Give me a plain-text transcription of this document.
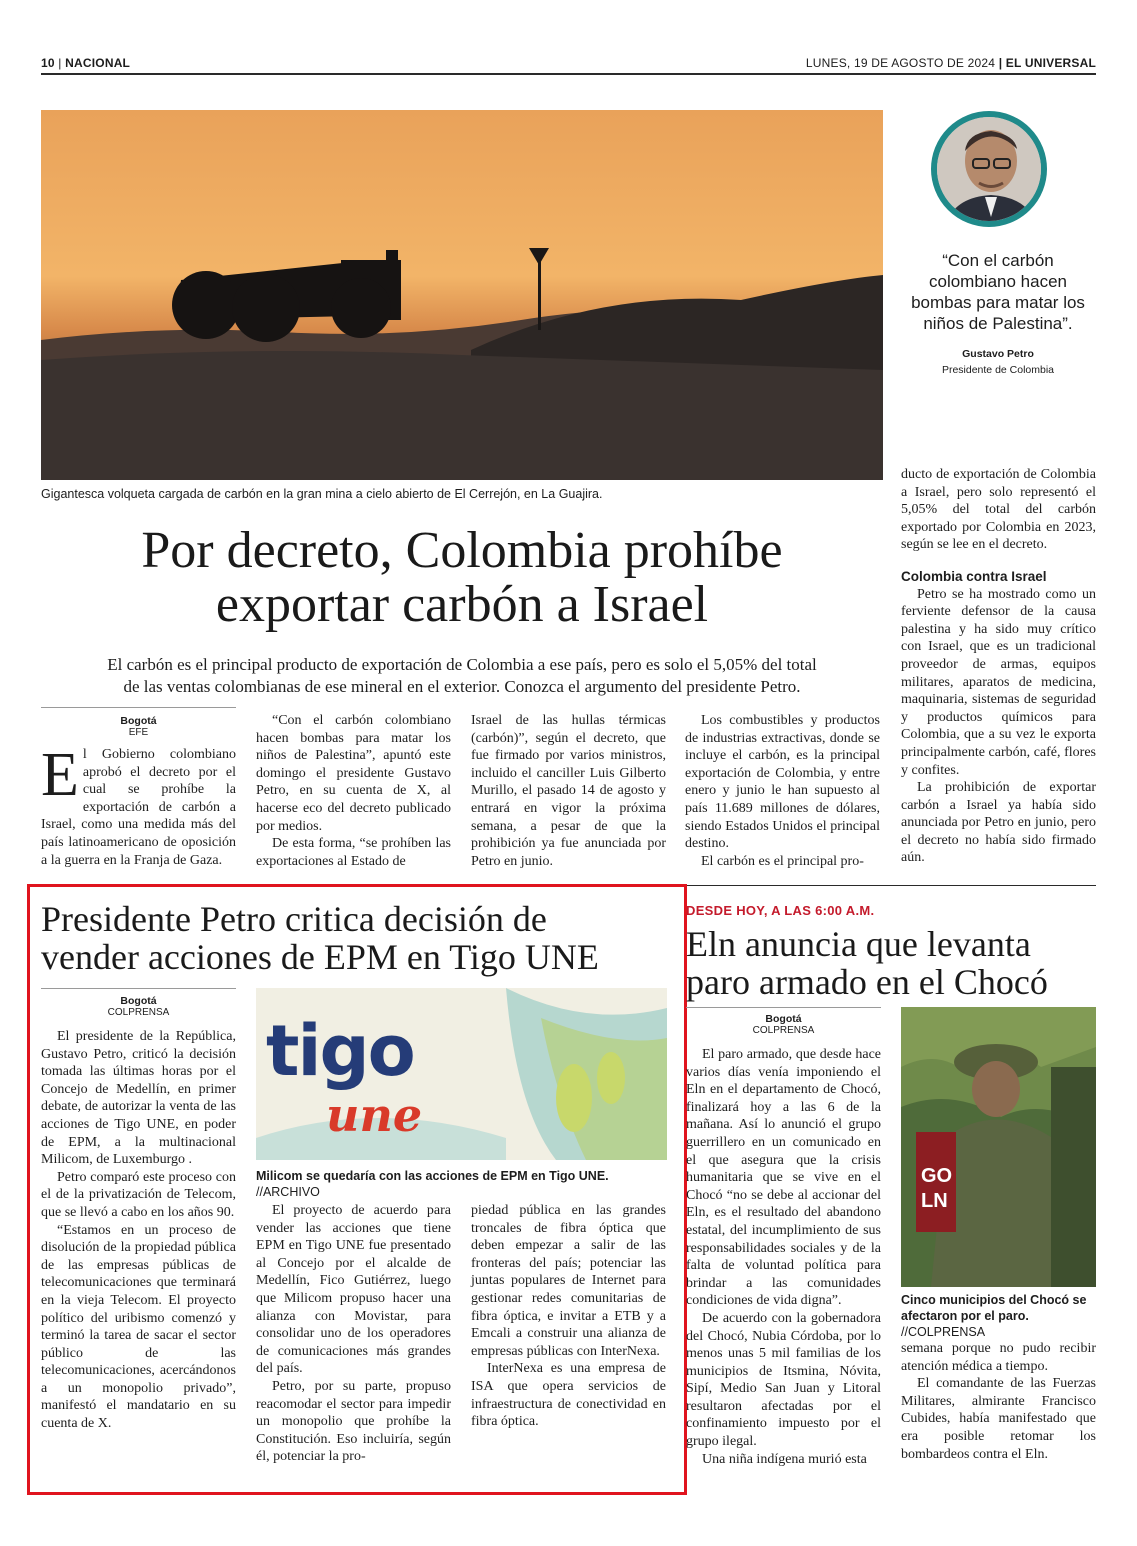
10 | NACIONAL	LUNES, 19 DE AGOSTO DE 2024 | EL UNIVERSAL
Gigantesca volqueta cargada de carbón en la gran mina a cielo abierto de El Cerrejón, en La Guajira.
“Con el carbón colombiano hacen bombas para matar los niños de Palestina”.
Gustavo Petro
Presidente de Colombia
Por decreto, Colombia prohíbe
exportar carbón a Israel
El carbón es el principal producto de exportación de Colombia a ese país, pero es solo el 5,05% del total
de las ventas colombianas de ese mineral en el exterior. Conozca el argumento del presidente Petro.
Bogotá
EFE
E l Gobierno colombiano aprobó el decreto por el cual se prohíbe la exportación de carbón a Israel, como una medida más del país latinoamericano de oposición a la guerra en la Franja de Gaza.

“Con el carbón colombiano hacen bombas para matar los niños de Palestina”, apuntó este domingo el presidente Gustavo Petro, en su cuenta de X, al hacerse eco del decreto publicado por medios.

De esta forma, “se prohíben las exportaciones al Estado de

Israel de las hullas térmicas (carbón)”, según el decreto, que fue firmado por varios ministros, incluido el canciller Luis Gilberto Murillo, el pasado 14 de agosto y entrará en vigor la próxima semana, a pesar de que la prohibición ya fue anunciada por Petro en junio.

Los combustibles y productos de industrias extractivas, donde se incluye el carbón, es la principal exportación de Colombia, y entre enero y junio le han supuesto al país 11.689 millones de dólares, siendo Estados Unidos el principal destino.

El carbón es el principal pro-

ducto de exportación de Colombia a Israel, pero solo representó el 5,05% del total del carbón exportado por Colombia en 2023, según se lee en el decreto.

Colombia contra Israel

Petro se ha mostrado como un ferviente defensor de la causa palestina y ha sido muy crítico con Israel, que es un tradicional proveedor de armas, equipos militares, aparatos de medicina, maquinaria, sistemas de seguridad y productos químicos para Colombia, que a su vez le exporta principalmente carbón, café, flores y confites.

La prohibición de exportar carbón a Israel ya había sido anunciada por Petro en junio, pero el decreto no había sido firmado aún.

Presidente Petro critica decisión de
vender acciones de EPM en Tigo UNE
Bogotá
COLPRENSA

El presidente de la República, Gustavo Petro, criticó la decisión tomada las últimas horas por el Concejo de Medellín, en primer debate, de autorizar la venta de las acciones de Tigo UNE, en poder de EPM, a la multinacional Milicom, de Luxemburgo .

Petro comparó este proceso con el de la privatización de Telecom, que se llevó a cabo en los años 90.

“Estamos en un proceso de disolución de la propiedad pública de las empresas públicas de telecomunicaciones que terminará en la vieja Telecom. El proyecto político del uribismo comenzó y terminó la tarea de sacar el sector público de las telecomunicaciones, acercándonos a un monopolio privado”, manifestó el mandatario en su cuenta de X.

tigo
une
Milicom se quedaría con las acciones de EPM en Tigo UNE. //ARCHIVO

El proyecto de acuerdo para vender las acciones que tiene EPM en Tigo UNE fue presentado al Concejo por el alcalde de Medellín, Fico Gutiérrez, luego que Milicom propuso hacer una alianza con Movistar, para consolidar uno de los operadores de comunicaciones más grandes del país.

Petro, por su parte, propuso reacomodar el sector para impedir un monopolio que prohíbe la Constitución. Eso incluiría, según él, potenciar la pro-

piedad pública en las grandes troncales de fibra óptica que deben empezar a salir de las fronteras del país; potenciar las juntas populares de Internet para gestionar redes comunitarias de fibra óptica, e invitar a ETB y a Emcali a construir una alianza de empresas públicas con InterNexa.

InterNexa es una empresa de ISA que opera servicios de infraestructura de conectividad en fibra óptica.

DESDE HOY, A LAS 6:00 A.M.
Eln anuncia que levanta
paro armado en el Chocó
Bogotá
COLPRENSA

El paro armado, que desde hace varios días venía imponiendo el Eln en el departamento de Chocó, finalizará hoy a las 6 de la mañana. Así lo anunció el grupo guerrillero en un comunicado en el que asegura que la crisis humanitaria que se vive en el Chocó “no se debe al accionar del Eln, es el resultado del abandono estatal, del incumplimiento de sus responsabilidades sociales y de la falta de voluntad política para brindar a las comunidades condiciones de vida digna”.

De acuerdo con la gobernadora del Chocó, Nubia Córdoba, por lo menos unas 5 mil familias de los municipios de Itsmina, Nóvita, Sipí, Medio San Juan y Litoral resultaron afectadas por el confinamiento impuesto por el grupo ilegal.

Una niña indígena murió esta

GO
LN
Cinco municipios del Chocó se afectaron por el paro. //COLPRENSA

semana porque no pudo recibir atención médica a tiempo.

El comandante de las Fuerzas Militares, almirante Francisco Cubides, había manifestado que era posible retomar los bombardeos contra el Eln.
